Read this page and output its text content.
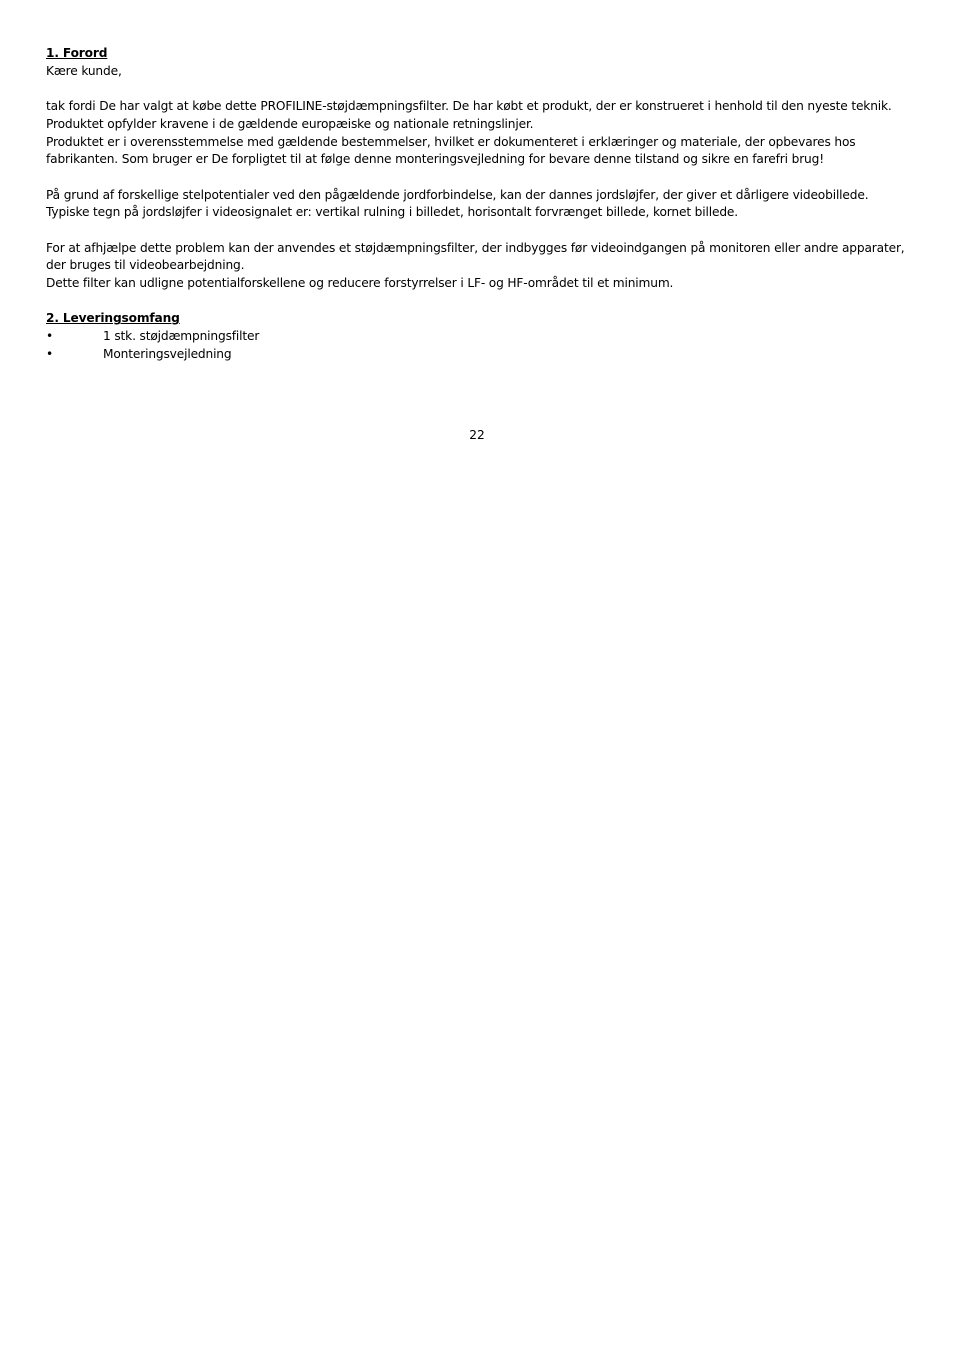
1. Forord

Kære kunde,

tak fordi De har valgt at købe dette PROFILINE-støjdæmpningsfilter. De har købt et produkt, der er konstrueret i henhold til den nyeste teknik.

Produktet opfylder kravene i de gældende europæiske og nationale retningslinjer.

Produktet er i overensstemmelse med gældende bestemmelser, hvilket er dokumenteret i erklæringer og materiale, der opbevares hos fabrikanten. Som bruger er De forpligtet til at følge denne monteringsvejledning for bevare denne tilstand og sikre en farefri brug!

På grund af forskellige stelpotentialer ved den pågældende jordforbindelse, kan der dannes jordsløjfer, der giver et dårligere videobillede.

Typiske tegn på jordsløjfer i videosignalet er: vertikal rulning i billedet, horisontalt forvrænget billede, kornet billede.

For at afhjælpe dette problem kan der anvendes et støjdæmpningsfilter, der indbygges før videoindgangen på monitoren eller andre apparater, der bruges til videobearbejdning.

Dette filter kan udligne potentialforskellene og reducere forstyrrelser i LF- og HF-området til et minimum.

2. Leveringsomfang

•	1 stk. støjdæmpningsfilter
•	Monteringsvejledning
22
